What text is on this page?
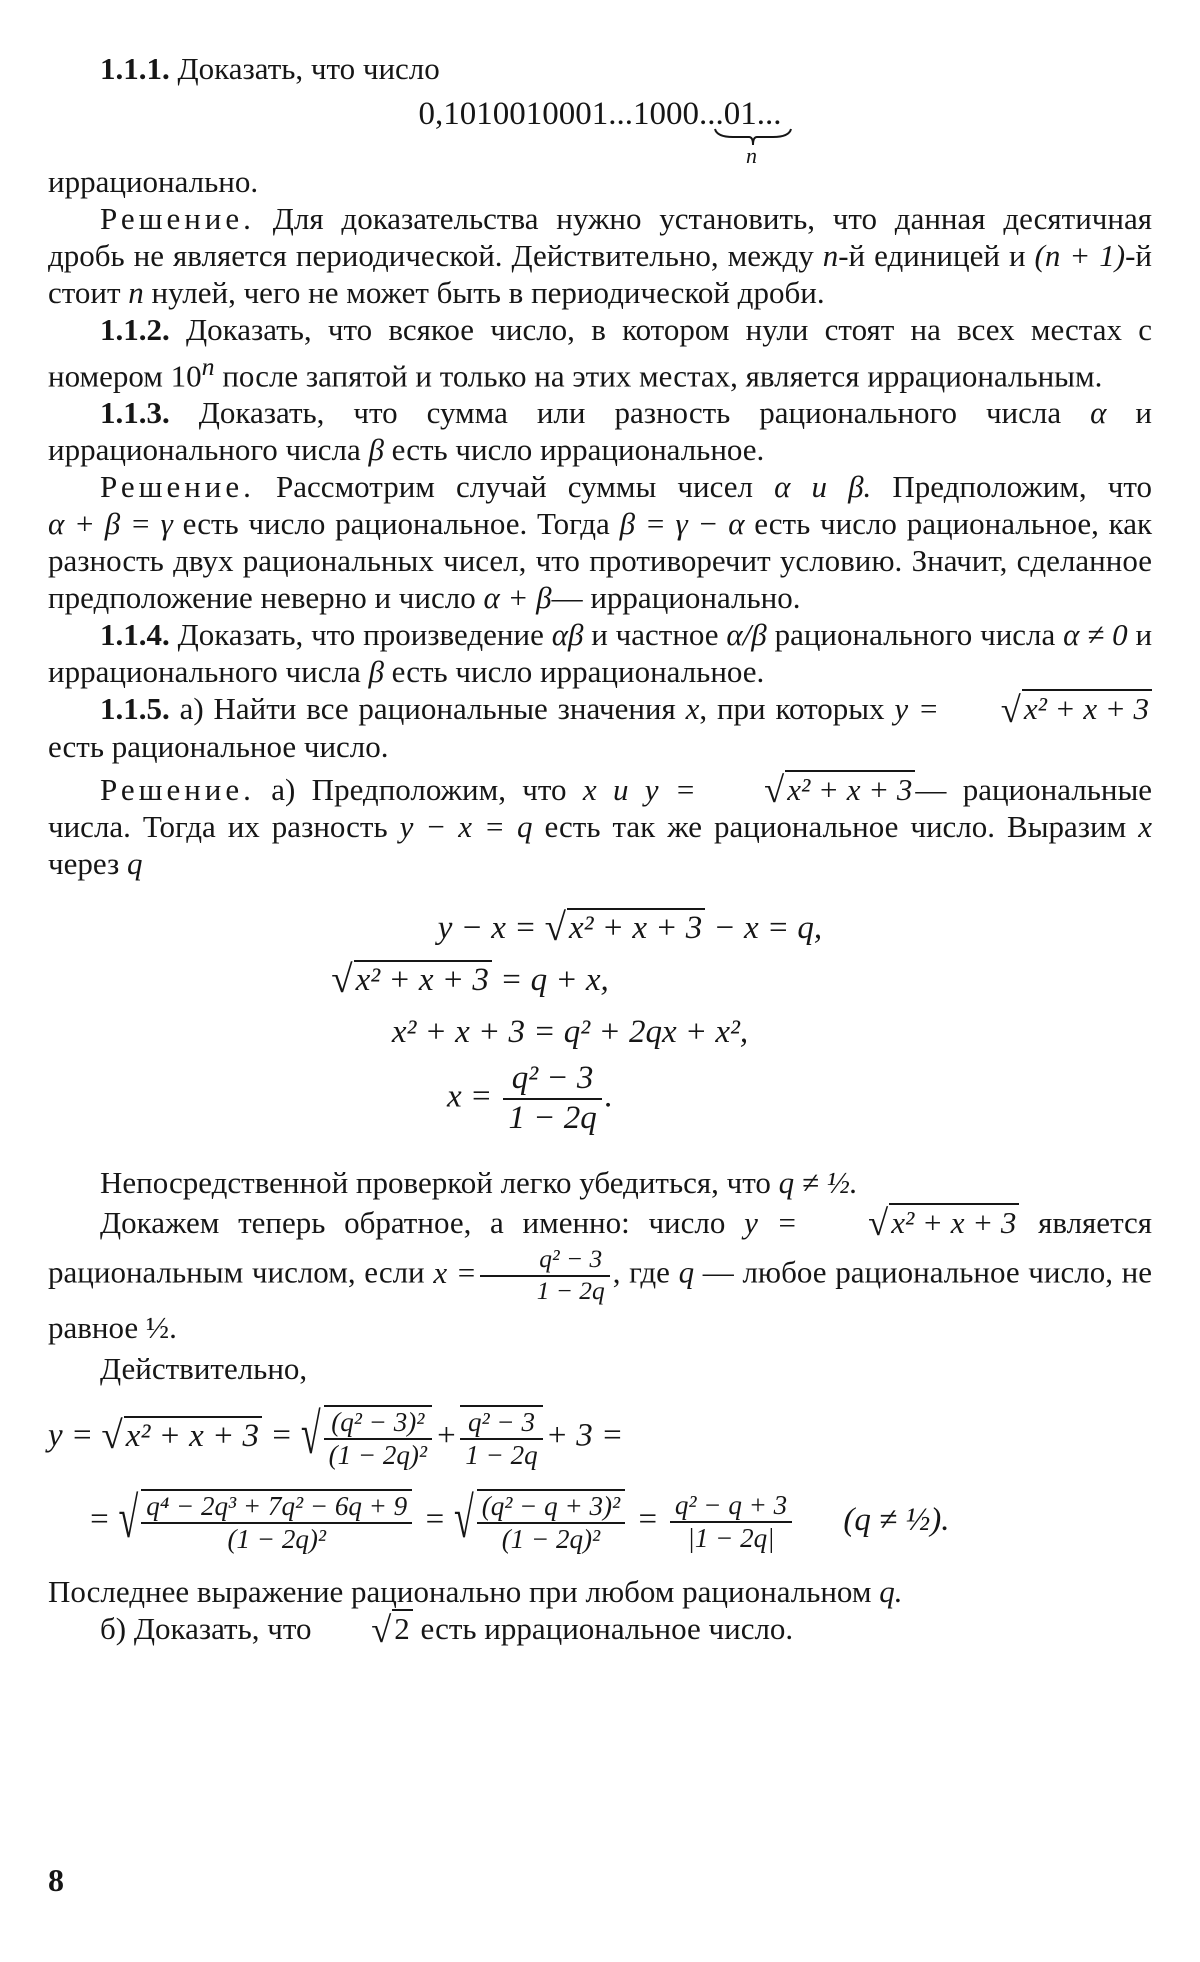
1.1.1. Доказать, что число

0,1010010001...1000...01...
n

иррационально.

Решение. Для доказательства нужно установить, что данная десятичная дробь не является периодической. Действительно, между n-й единицей и (n + 1)-й стоит n нулей, чего не может быть в периодической дроби.

1.1.2. Доказать, что всякое число, в котором нули стоят на всех местах с номером 10$^n$ после запятой и только на этих местах, является иррациональным.

1.1.3. Доказать, что сумма или разность рационального числа α и иррационального числа β есть число иррациональное.

Решение. Рассмотрим случай суммы чисел α и β. Предположим, что α + β = γ есть число рациональное. Тогда β = γ − α есть число рациональное, как разность двух рациональных чисел, что противоречит условию. Значит, сделанное предположение неверно и число α + β— иррационально.

1.1.4. Доказать, что произведение αβ и частное α/β рационального числа α ≠ 0 и иррационального числа β есть число иррациональное.

1.1.5. а) Найти все рациональные значения x, при которых y = √x² + x + 3 есть рациональное число.

Решение. а) Предположим, что x и y = √x² + x + 3— рациональные числа. Тогда их разность y − x = q есть так же рациональное число. Выразим x через q

y − x = √x² + x + 3 − x = q,
√x² + x + 3 = q + x,
x² + x + 3 = q² + 2qx + x²,
$x = \frac{\text{q² − 3}}{1 - 2q}$ .

Непосредственной проверкой легко убедиться, что q ≠ ½.

Докажем теперь обратное, а именно: число y = √x² + x + 3 является рациональным числом, если $x = \frac{\text{q² − 3}}{1 - 2q}$ , где q — любое рациональное число, не равное ½.

Действительно,

y = √x² + x + 3 = √ $\frac{\text{(q² − 3)²}}{\text{(1 − 2q)²}} + \frac{\text{q² − 3}}{1 - 2q} + 3$ =
= √ $\frac{\text{q⁴ − 2q³ + 7q² − 6q + 9}}{\text{(1 − 2q)²}}$ = √ $\frac{\text{(q² − q + 3)²}}{\text{(1 − 2q)²}} = \frac{\text{q² − q + 3}}{|1 - 2q|} (q$ ≠ ½).

Последнее выражение рационально при любом рациональном q.

б) Доказать, что √2 есть иррациональное число.

8
